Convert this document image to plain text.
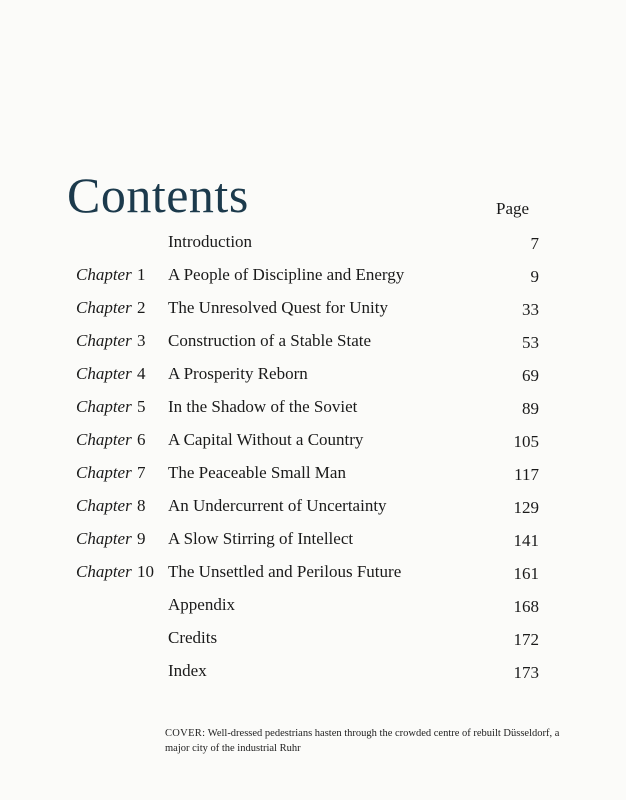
Contents	Page
Introduction	7
Chapter 1 A People of Discipline and Energy	9
Chapter 2 The Unresolved Quest for Unity	33
Chapter 3 Construction of a Stable State	53
Chapter 4 A Prosperity Reborn	69
Chapter 5 In the Shadow of the Soviet	89
Chapter 6 A Capital Without a Country	105
Chapter 7 The Peaceable Small Man	117
Chapter 8 An Undercurrent of Uncertainty	129
Chapter 9 A Slow Stirring of Intellect	141
Chapter 10 The Unsettled and Perilous Future	161
Appendix	168
Credits	172
Index	173
COVER: Well-dressed pedestrians hasten through the crowded centre of rebuilt Düsseldorf, a major city of the industrial Ruhr
